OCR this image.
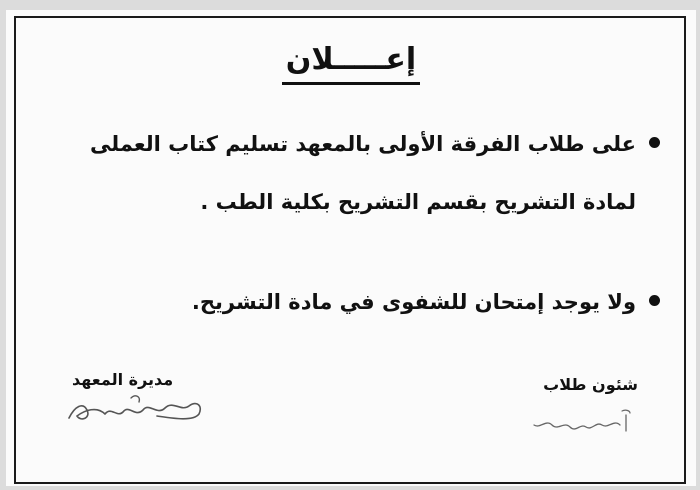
إعـــــلان
على طلاب الفرقة الأولى بالمعهد تسليم كتاب العملى
لمادة التشريح بقسم التشريح بكلية الطب .
ولا يوجد إمتحان للشفوى في مادة التشريح.
مديرة المعهد	شئون طلاب
